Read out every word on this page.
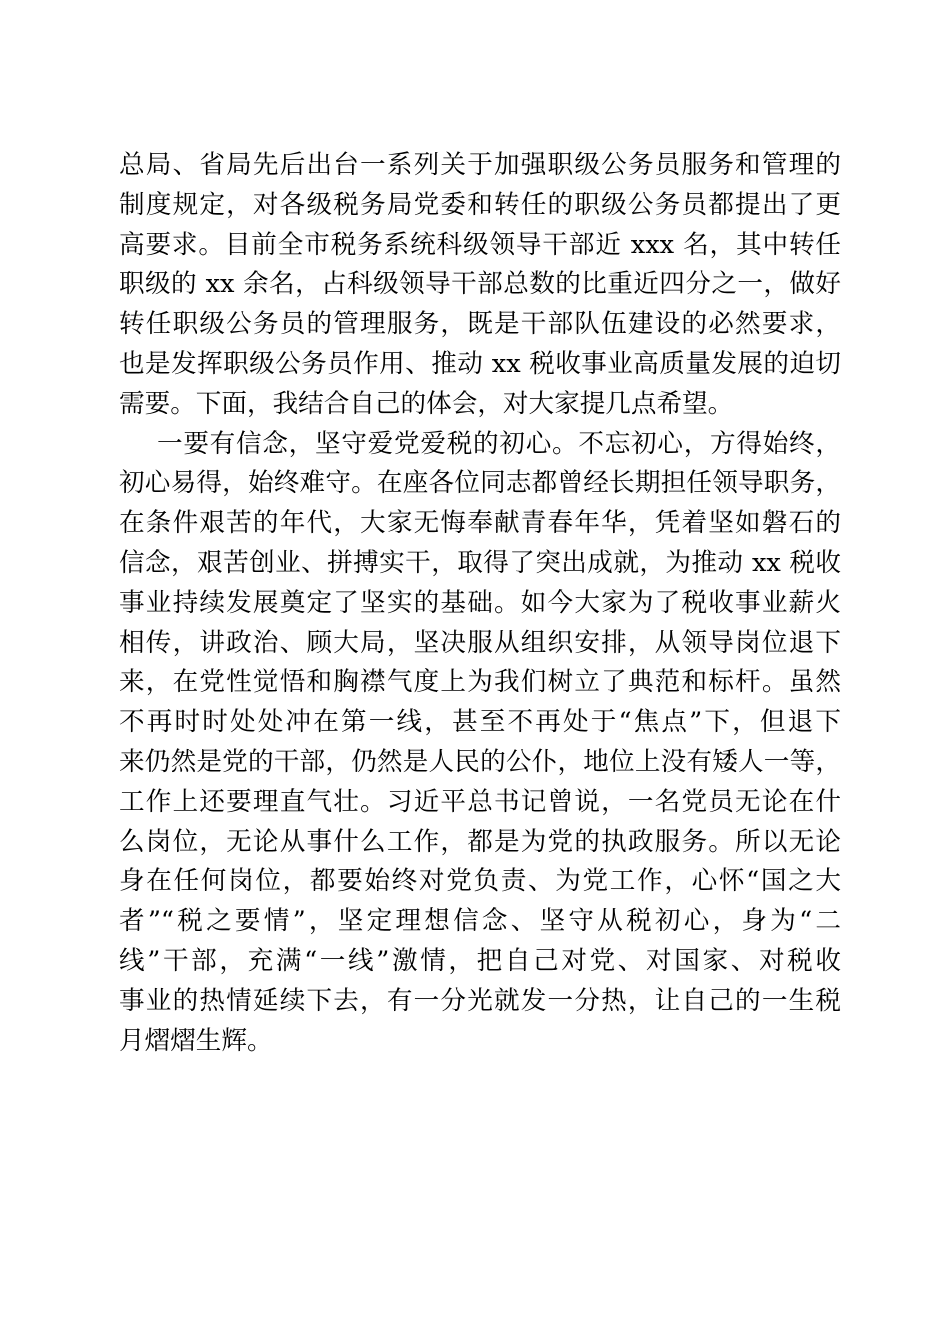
总局、省局先后出台一系列关于加强职级公务员服务和管理的
制度规定，对各级税务局党委和转任的职级公务员都提出了更
高要求。目前全市税务系统科级领导干部近 xxx 名，其中转任
职级的 xx 余名，占科级领导干部总数的比重近四分之一，做好
转任职级公务员的管理服务，既是干部队伍建设的必然要求，
也是发挥职级公务员作用、推动 xx 税收事业高质量发展的迫切
需要。下面，我结合自己的体会，对大家提几点希望。
一要有信念，坚守爱党爱税的初心。不忘初心，方得始终，
初心易得，始终难守。在座各位同志都曾经长期担任领导职务，
在条件艰苦的年代，大家无悔奉献青春年华，凭着坚如磐石的
信念，艰苦创业、拼搏实干，取得了突出成就，为推动 xx 税收
事业持续发展奠定了坚实的基础。如今大家为了税收事业薪火
相传，讲政治、顾大局，坚决服从组织安排，从领导岗位退下
来，在党性觉悟和胸襟气度上为我们树立了典范和标杆。虽然
不再时时处处冲在第一线，甚至不再处于“焦点”下，但退下
来仍然是党的干部，仍然是人民的公仆，地位上没有矮人一等，
工作上还要理直气壮。习近平总书记曾说，一名党员无论在什
么岗位，无论从事什么工作，都是为党的执政服务。所以无论
身在任何岗位，都要始终对党负责、为党工作，心怀“国之大
者”“税之要情”，坚定理想信念、坚守从税初心，身为“二
线”干部，充满“一线”激情，把自己对党、对国家、对税收
事业的热情延续下去，有一分光就发一分热，让自己的一生税
月熠熠生辉。
